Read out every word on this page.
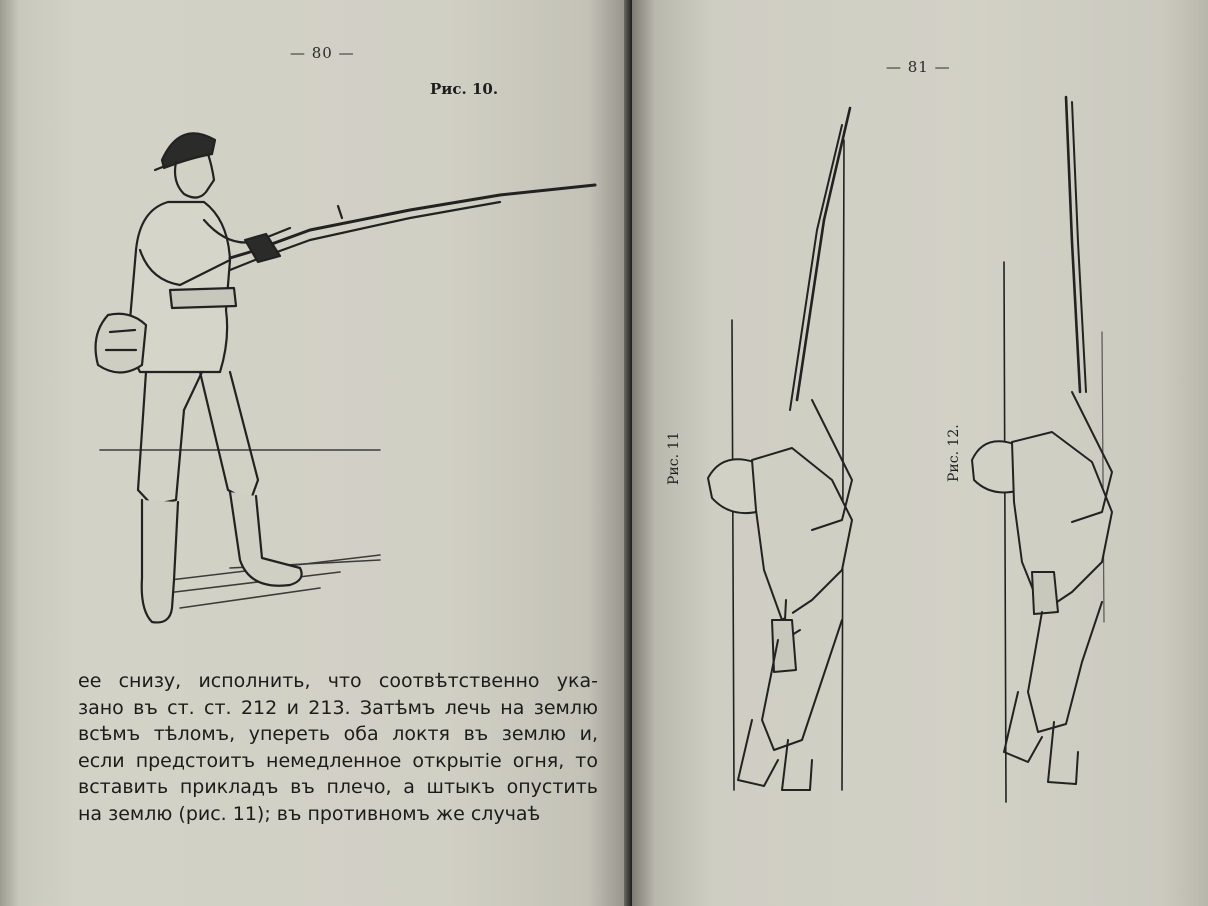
— 80 —
Рис. 10.
ее снизу, исполнить, что соотвѣтственно ука-
зано въ ст. ст. 212 и 213. Затѣмъ лечь на землю
всѣмъ тѣломъ, упереть оба локтя въ землю и,
если предстоитъ немедленное открытіе огня, то
вставить прикладъ въ плечо, а штыкъ опустить
на землю (рис. 11); въ противномъ же случаѣ
— 81 —
Рис. 11	Рис. 12.
